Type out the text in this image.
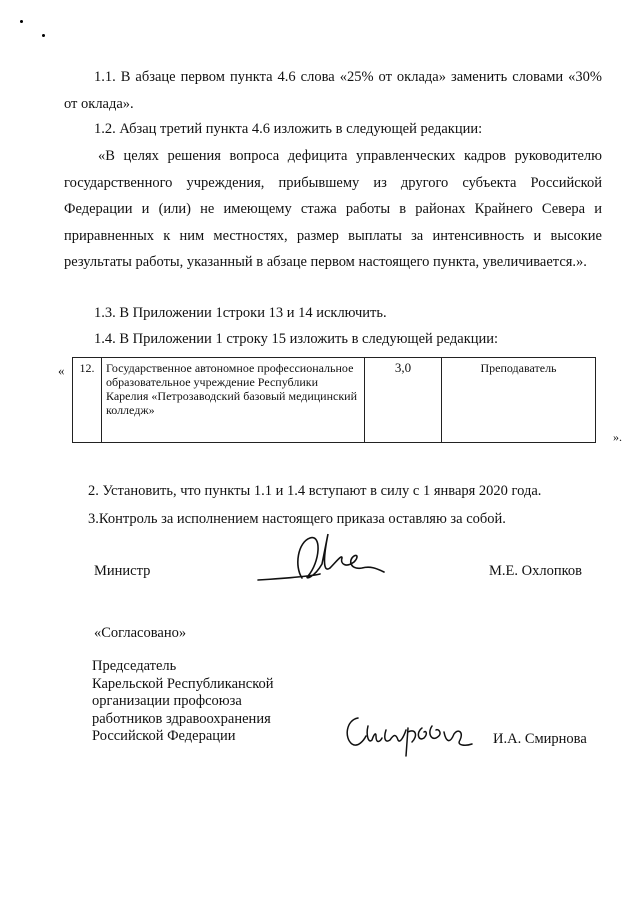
1.1. В абзаце первом пункта 4.6 слова «25% от оклада» заменить словами «30% от оклада».
1.2. Абзац третий пункта 4.6 изложить в следующей редакции:
«В целях решения вопроса дефицита управленческих кадров руководителю государственного учреждения, прибывшему из другого субъекта Российской Федерации и (или) не имеющему стажа работы в районах Крайнего Севера и приравненных к ним местностях, размер выплаты за интенсивность и высокие результаты работы, указанный в абзаце первом настоящего пункта, увеличивается.».
1.3. В Приложении 1строки 13 и 14 исключить.
1.4. В Приложении 1 строку 15 изложить в следующей редакции:
« 12.	Государственное автономное профессиональное образовательное учреждение Республики Карелия «Петрозаводский базовый медицинский колледж»	3,0	Преподаватель
».
2. Установить, что пункты 1.1 и 1.4 вступают в силу с 1 января 2020 года.
3.Контроль за исполнением настоящего приказа оставляю за собой.
Министр	М.Е. Охлопков
«Согласовано»
Председатель
Карельской Республиканской
организации профсоюза
работников здравоохранения
Российской Федерации	И.А. Смирнова
